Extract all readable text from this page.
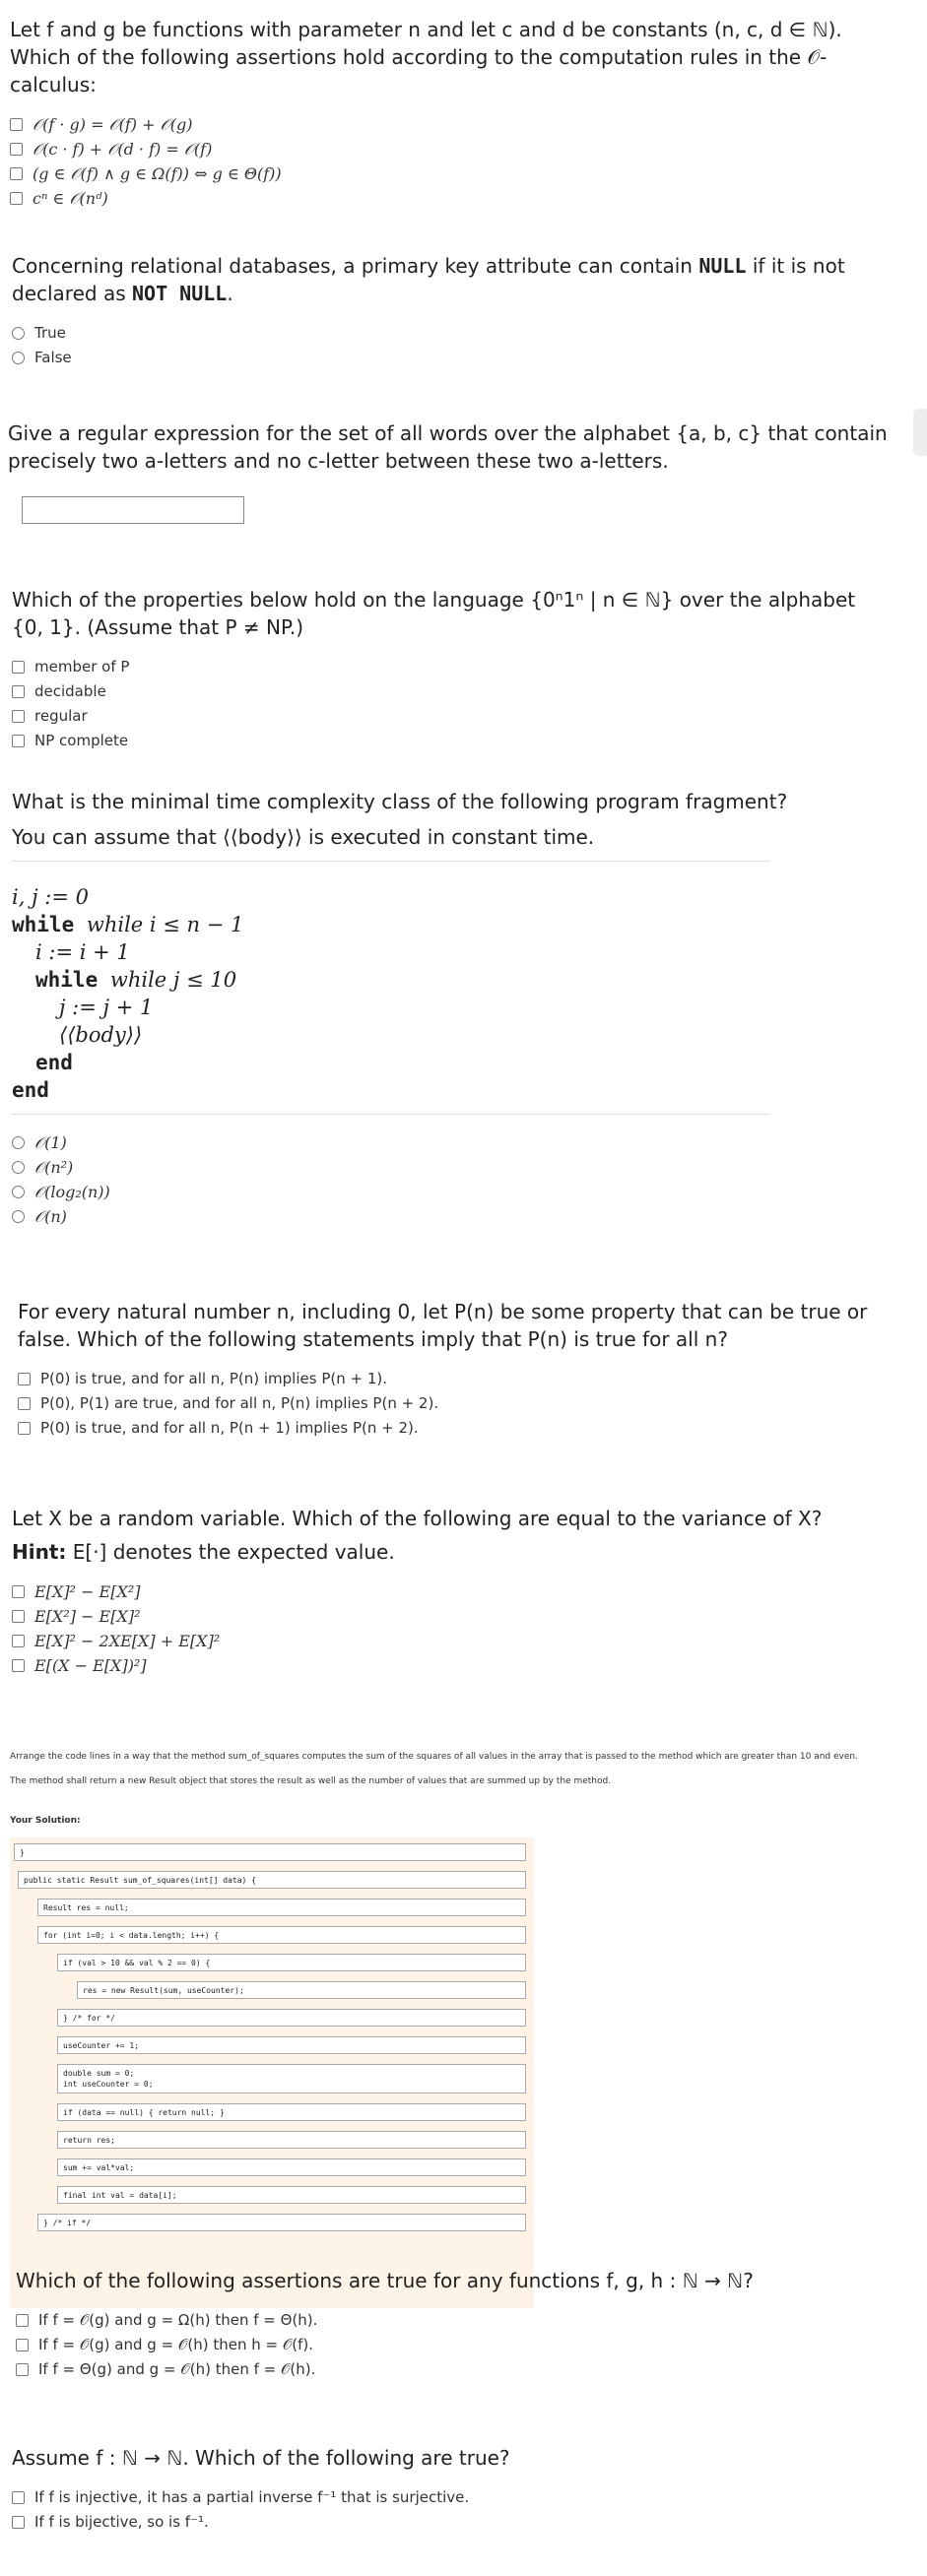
Let f and g be functions with parameter n and let c and d be constants (n, c, d ∈ ℕ). Which of the following assertions hold according to the computation rules in the 𝒪-calculus:
𝒪(f · g) = 𝒪(f) + 𝒪(g)
𝒪(c · f) + 𝒪(d · f) = 𝒪(f)
(g ∈ 𝒪(f) ∧ g ∈ Ω(f)) ⇔ g ∈ Θ(f))
cⁿ ∈ 𝒪(nᵈ)
Concerning relational databases, a primary key attribute can contain NULL if it is not declared as NOT NULL.
True
False
Give a regular expression for the set of all words over the alphabet {a, b, c} that contain precisely two a-letters and no c-letter between these two a-letters.
Which of the properties below hold on the language {0ⁿ1ⁿ | n ∈ ℕ} over the alphabet {0, 1}. (Assume that P ≠ NP.)
member of P
decidable
regular
NP complete
What is the minimal time complexity class of the following program fragment?
You can assume that ⟨⟨body⟩⟩ is executed in constant time.
i, j := 0
while while i ≤ n − 1
i := i + 1
while while j ≤ 10
j := j + 1
⟨⟨body⟩⟩
end
end
𝒪(1)
𝒪(n²)
𝒪(log₂(n))
𝒪(n)
For every natural number n, including 0, let P(n) be some property that can be true or false. Which of the following statements imply that P(n) is true for all n?
P(0) is true, and for all n, P(n) implies P(n + 1).
P(0), P(1) are true, and for all n, P(n) implies P(n + 2).
P(0) is true, and for all n, P(n + 1) implies P(n + 2).
Let X be a random variable. Which of the following are equal to the variance of X?
Hint: E[·] denotes the expected value.
E[X]² − E[X²]
E[X²] − E[X]²
E[X]² − 2XE[X] + E[X]²
E[(X − E[X])²]
Arrange the code lines in a way that the method sum_of_squares computes the sum of the squares of all values in the array that is passed to the method which are greater than 10 and even.
The method shall return a new Result object that stores the result as well as the number of values that are summed up by the method.
Your Solution:
}
public static Result sum_of_squares(int[] data) {
Result res = null;
for (int i=0; i < data.length; i++) {
if (val > 10 && val % 2 == 0) {
res = new Result(sum, useCounter);
} /* for */
useCounter += 1;
double sum = 0;
int useCounter = 0;
if (data == null) { return null; }
return res;
sum += val*val;
final int val = data[i];
} /* if */
Which of the following assertions are true for any functions f, g, h : ℕ → ℕ?
If f = 𝒪(g) and g = Ω(h) then f = Θ(h).
If f = 𝒪(g) and g = 𝒪(h) then h = 𝒪(f).
If f = Θ(g) and g = 𝒪(h) then f = 𝒪(h).
Assume f : ℕ → ℕ. Which of the following are true?
If f is injective, it has a partial inverse f⁻¹ that is surjective.
If f is bijective, so is f⁻¹.
